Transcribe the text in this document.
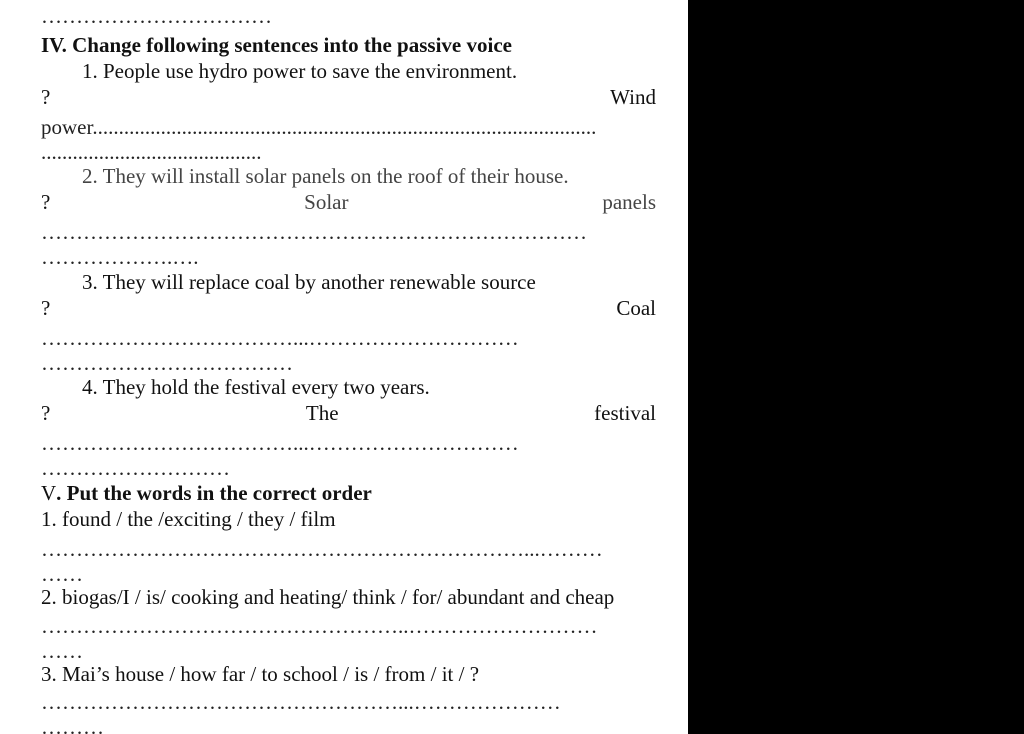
……………………………
IV. Change following sentences into the passive voice
1. People use hydro power to save the environment.
?	Wind
power................................................................................................
..........................................
2. They will install solar panels on the roof of their house.
?	Solar	panels
……………………………………………………………………
……………….….
3. They will replace coal by another renewable source
?	Coal
………………………………...…………………………
………………………………
4. They hold the festival every two years.
?	The	festival
………………………………...…………………………
………………………
V. Put the words in the correct order
1. found / the /exciting / they / film
……………………………………………………………...………
……
2. biogas/I / is/ cooking and heating/ think / for/ abundant and cheap
……………………………………………..………………………
……
3. Mai’s house / how far / to school / is / from / it / ?
……………………………………………...…………………
………
